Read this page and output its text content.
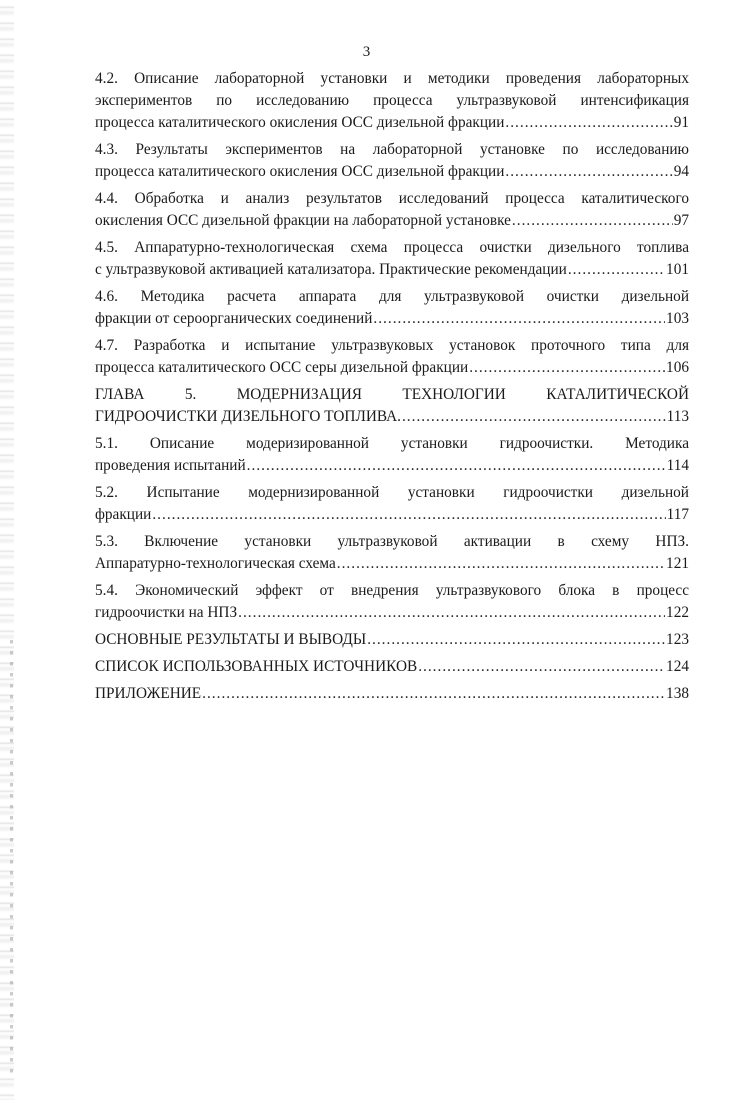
3
4.2. Описание лабораторной установки и методики проведения лабораторных
экспериментов по исследованию процесса ультразвуковой интенсификация
процесса каталитического окисления ОСС дизельной фракции .....	91
4.3. Результаты экспериментов на лабораторной установке по исследованию
процесса каталитического окисления ОСС дизельной фракции .....	94
4.4. Обработка и анализ результатов исследований процесса каталитического
окисления ОСС дизельной фракции на лабораторной установке .....	97
4.5. Аппаратурно-технологическая схема процесса очистки дизельного топлива
с ультразвуковой активацией катализатора. Практические рекомендации .....	101
4.6. Методика расчета аппарата для ультразвуковой очистки дизельной
фракции от сероорганических соединений .....	103
4.7. Разработка и испытание ультразвуковых установок проточного типа для
процесса каталитического ОСС серы дизельной фракции .....	106
ГЛАВА 5. МОДЕРНИЗАЦИЯ ТЕХНОЛОГИИ КАТАЛИТИЧЕСКОЙ
ГИДРООЧИСТКИ ДИЗЕЛЬНОГО ТОПЛИВА. .....	113
5.1. Описание модеризированной установки гидроочистки. Методика
проведения испытаний .....	114
5.2. Испытание модернизированной установки гидроочистки дизельной
фракции .....	117
5.3. Включение установки ультразвуковой активации в схему НПЗ.
Аппаратурно-технологическая схема .....	121
5.4. Экономический эффект от внедрения ультразвукового блока в процесс
гидроочистки на НПЗ .....	122
ОСНОВНЫЕ РЕЗУЛЬТАТЫ И ВЫВОДЫ .....	123
СПИСОК ИСПОЛЬЗОВАННЫХ ИСТОЧНИКОВ .....	124
ПРИЛОЖЕНИЕ .....	138
